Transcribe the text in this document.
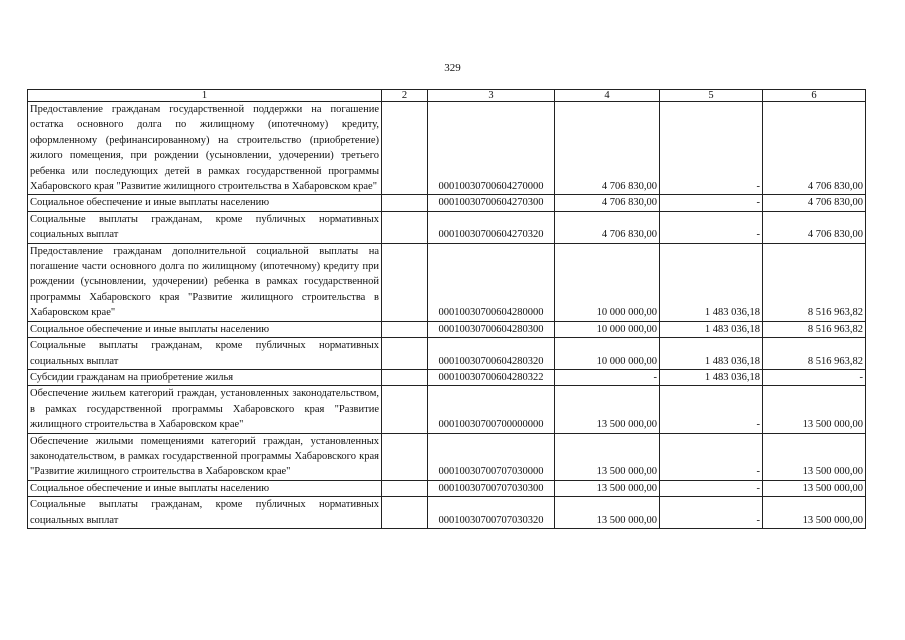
329
1	2	3	4	5	6
Предоставление гражданам государственной поддержки на погашение остатка основного долга по жилищному (ипотечному) кредиту, оформленному (рефинансированному) на строительство (приобретение) жилого помещения, при рождении (усыновлении, удочерении) третьего ребенка или последующих детей в рамках государственной программы Хабаровского края "Развитие жилищного строительства в Хабаровском крае"		00010030700604270000	4 706 830,00	-	4 706 830,00
Социальное обеспечение и иные выплаты населению		00010030700604270300	4 706 830,00	-	4 706 830,00
Социальные выплаты гражданам, кроме публичных нормативных социальных выплат		00010030700604270320	4 706 830,00	-	4 706 830,00
Предоставление гражданам дополнительной социальной выплаты на погашение части основного долга по жилищному (ипотечному) кредиту при рождении (усыновлении, удочерении) ребенка в рамках государственной программы Хабаровского края "Развитие жилищного строительства в Хабаровском крае"		00010030700604280000	10 000 000,00	1 483 036,18	8 516 963,82
Социальное обеспечение и иные выплаты населению		00010030700604280300	10 000 000,00	1 483 036,18	8 516 963,82
Социальные выплаты гражданам, кроме публичных нормативных социальных выплат		00010030700604280320	10 000 000,00	1 483 036,18	8 516 963,82
Субсидии гражданам на приобретение жилья		00010030700604280322	-	1 483 036,18	-
Обеспечение жильем категорий граждан, установленных законодательством, в рамках государственной программы Хабаровского края "Развитие жилищного строительства в Хабаровском крае"		00010030700700000000	13 500 000,00	-	13 500 000,00
Обеспечение жилыми помещениями категорий граждан, установленных законодательством, в рамках государственной программы Хабаровского края "Развитие жилищного строительства в Хабаровском крае"		00010030700707030000	13 500 000,00	-	13 500 000,00
Социальное обеспечение и иные выплаты населению		00010030700707030300	13 500 000,00	-	13 500 000,00
Социальные выплаты гражданам, кроме публичных нормативных социальных выплат		00010030700707030320	13 500 000,00	-	13 500 000,00
